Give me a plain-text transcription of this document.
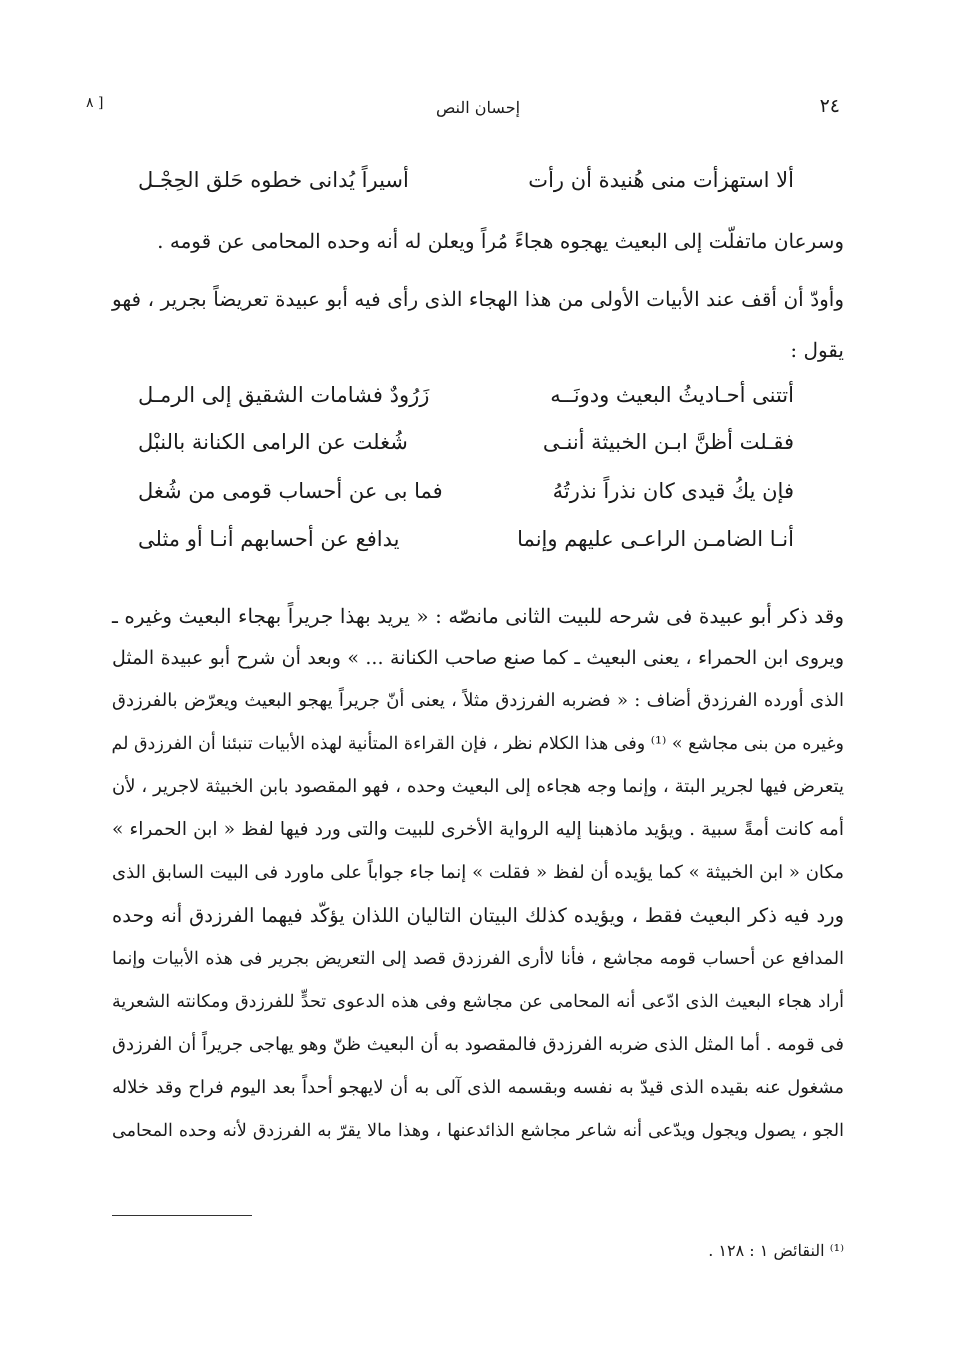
٢٤
إحسان النص
[ ٨
ألا استهزأت منى هُنيدة أن رأت
أسيراً يُدانى خطوه حَلق الحِجْـل
وسرعان ماتفلّت إلى البعيث يهجوه هجاءً مُراً ويعلن له أنه وحده المحامى عن قومه .
وأودّ أن أقف عند الأبيات الأولى من هذا الهجاء الذى رأى فيه أبو عبيدة تعريضاً بجرير ، فهو
يقول :
أتتنى أحـاديثُ البعيث ودونَــه
زَرُودٌ فشامات الشقيق إلى الرمـل
فقـلت أظنَّ ابـن الخبيثة أننـى
شُغلت عن الرامى الكنانة بالنبْل
فإن يكُ قيدى كان نذراً نذرتُهُ
فما بى عن أحساب قومى من شُغل
أنـا الضامـن الراعـى عليهم وإنما
يدافع عن أحسابهم أنـا أو مثلى
وقد ذكر أبو عبيدة فى شرحه للبيت الثانى مانصّه : « يريد بهذا جريراً بهجاء البعيث وغيره ـ
ويروى ابن الحمراء ، يعنى البعيث ـ كما صنع صاحب الكنانة ... » وبعد أن شرح أبو عبيدة المثل
الذى أورده الفرزدق أضاف : « فضربه الفرزدق مثلاً ، يعنى أنّ جريراً يهجو البعيث ويعرّض بالفرزدق
وغيره من بنى مجاشع » ⁽¹⁾ وفى هذا الكلام نظر ، فإن القراءة المتأنية لهذه الأبيات تنبئنا أن الفرزدق لم
يتعرض فيها لجرير البتة ، وإنما وجه هجاءه إلى البعيث وحده ، فهو المقصود بابن الخبيثة لاجرير ، لأن
أمه كانت أمةً سبية . ويؤيد ماذهبنا إليه الرواية الأخرى للبيت والتى ورد فيها لفظ « ابن الحمراء »
مكان « ابن الخبيثة » كما يؤيده أن لفظ « فقلت » إنما جاء جواباً على ماورد فى البيت السابق الذى
ورد فيه ذكر البعيث فقط ، ويؤيده كذلك البيتان التاليان اللذان يؤكّد فيهما الفرزدق أنه وحده
المدافع عن أحساب قومه مجاشع ، فأنا لاأرى الفرزدق قصد إلى التعريض بجرير فى هذه الأبيات وإنما
أراد هجاء البعيث الذى ادّعى أنه المحامى عن مجاشع وفى هذه الدعوى تحدٍّ للفرزدق ومكانته الشعرية
فى قومه . أما المثل الذى ضربه الفرزدق فالمقصود به أن البعيث ظنّ وهو يهاجى جريراً أن الفرزدق
مشغول عنه بقيده الذى قيدّ به نفسه وبقسمه الذى آلى به أن لايهجو أحداً بعد اليوم فراح وقد خلاله
الجو ، يصول ويجول ويدّعى أنه شاعر مجاشع الذائدعنها ، وهذا مالا يقرّ به الفرزدق لأنه وحده المحامى
⁽¹⁾ النقائض ١ : ١٢٨ .
